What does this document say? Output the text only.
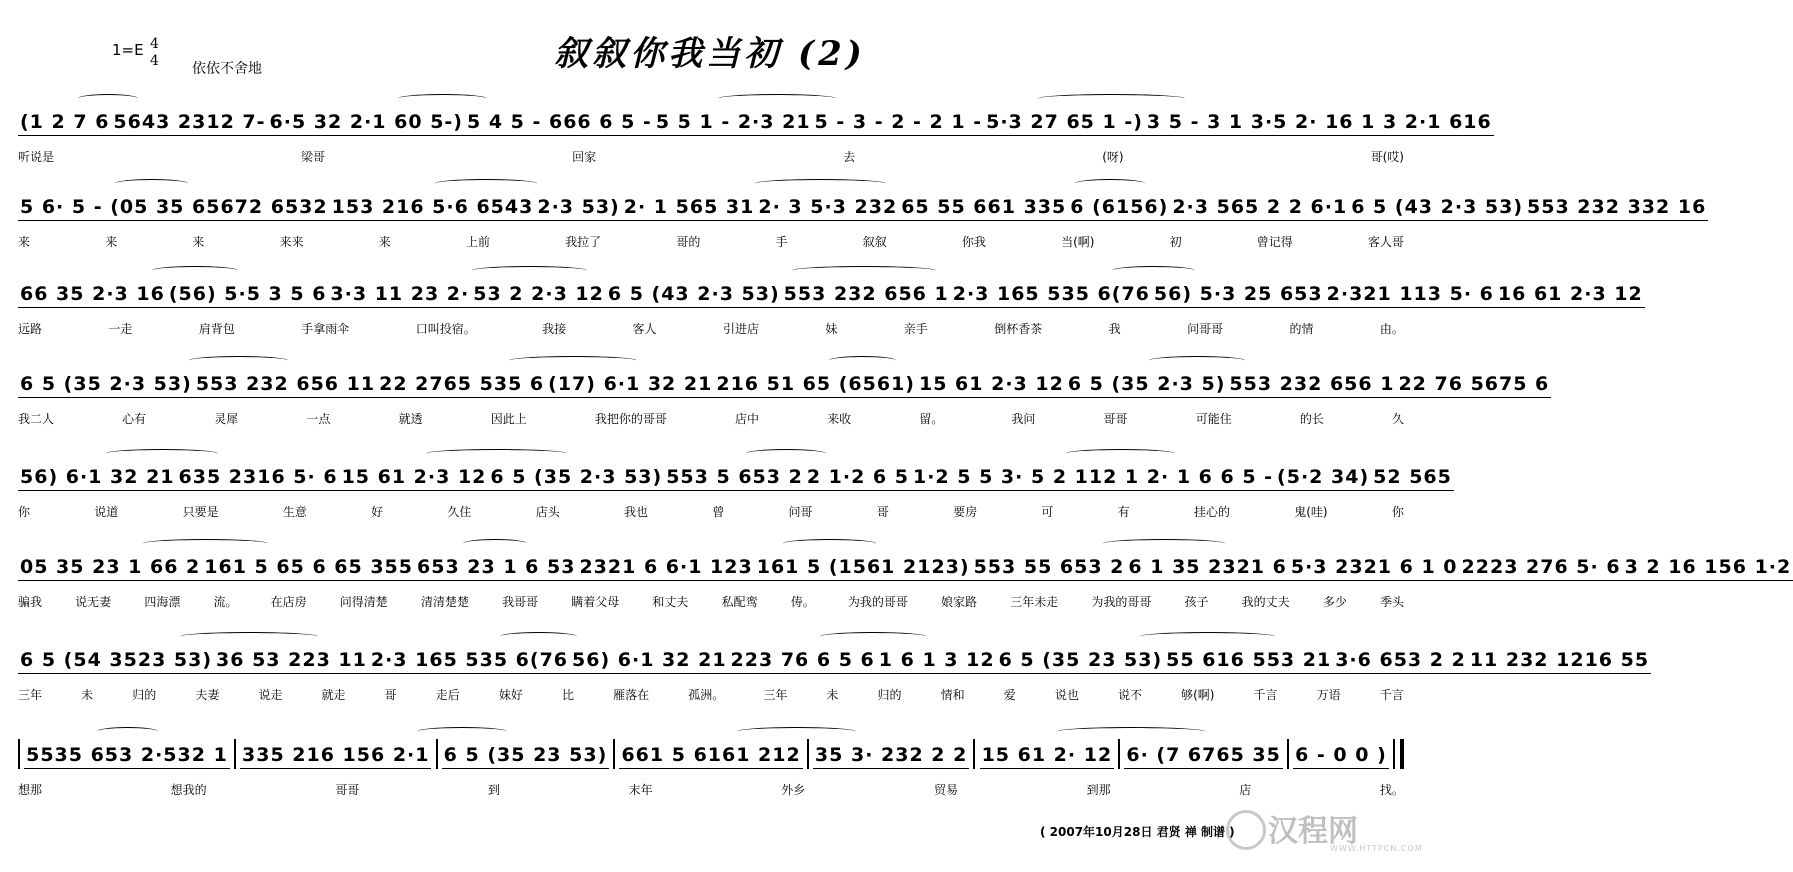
叙叙你我当初 (2)
1=E 4
4 依依不舍地
(1 2 7 6 5643 2312 7- 6·5 32 2·1 60 5-) 5 4 5 - 666 6 5 - 5 5 1 - 2·3 21 5 - 3 - 2 - 2 1 - 5·3 27 65 1 -) 3 5 - 3 1 3·5 2· 16 1 3 2·1 616
听说是	梁哥	回家	去	(呀)	哥(哎)
5 6· 5 - (05 35 65672 6532 153 216 5·6 6543 2·3 53) 2· 1 565 31 2· 3 5·3 232 65 55 661 335 6 (6156) 2·3 565 2 2 6·1 6 5 (43 2·3 53) 553 232 332 16
来	来	来	来来	来	上前	我拉了	哥的	手	叙叙	你我	当(啊)	初	曾记得	客人哥
66 35 2·3 16 (56) 5·5 3 5 6 3·3 11 23 2· 53 2 2·3 12 6 5 (43 2·3 53) 553 232 656 1 2·3 165 535 6(76 56) 5·3 25 653 2·321 113 5· 6 16 61 2·3 12
远路	一走	肩背包	手拿雨伞	口叫投宿。	我接	客人	引进店	妹	亲手	倒杯香茶	我	问哥哥	的情	由。
6 5 (35 2·3 53) 553 232 656 11 22 2765 535 6 (17) 6·1 32 21 216 51 65 (6561) 15 61 2·3 12 6 5 (35 2·3 5) 553 232 656 1 22 76 5675 6
我二人	心有	灵犀	一点	就透	因此上	我把你的哥哥	店中	来收	留。	我问	哥哥	可能住	的长	久
56) 6·1 32 21 635 2316 5· 6 15 61 2·3 12 6 5 (35 2·3 53) 553 5 653 2 2 1·2 6 5 1·2 5 5 3· 5 2 112 1 2· 1 6 6 5 - (5·2 34) 52 565
你	说道	只要是	生意	好	久住	店头	我也	曾	问哥	哥	要房	可	有	挂心的	鬼(哇)	你
05 35 23 1 66 2 161 5 65 6 65 355 653 23 1 6 53 2321 6 6·1 123 161 5 (1561 2123) 553 55 653 2 6 1 35 2321 6 5·3 2321 6 1 0 2223 276 5· 6 3 2 16 156 1·2
骗我	说无妻	四海漂	流。	在店房	问得清楚	清清楚楚	我哥哥	瞒着父母	和丈夫	私配鸾	俦。	为我的哥哥	娘家路	三年未走	为我的哥哥	孩子	我的丈夫	多少	季头
6 5 (54 3523 53) 36 53 223 11 2·3 165 535 6(76 56) 6·1 32 21 223 76 6 5 6 1 6 1 3 12 6 5 (35 23 53) 55 616 553 21 3·6 653 2 2 11 232 1216 55
三年	未	归的	夫妻	说走	就走	哥	走后	妹好	比	雁落在	孤洲。	三年	未	归的	情和	爱	说也	说不	够(啊)	千言	万语	千言
5535 653 2·532 1 335 216 156 2·1 6 5 (35 23 53) 661 5 6161 212 35 3· 232 2 2 15 61 2· 12 6· (7 6765 35 6 - 0 0 )
想那	想我的	哥哥	到	末年	外乡	贸易	到那	店	找。
汉程网
WWW.HTTPCN.COM
( 2007年10月28日 君贤 禅 制谱 )
